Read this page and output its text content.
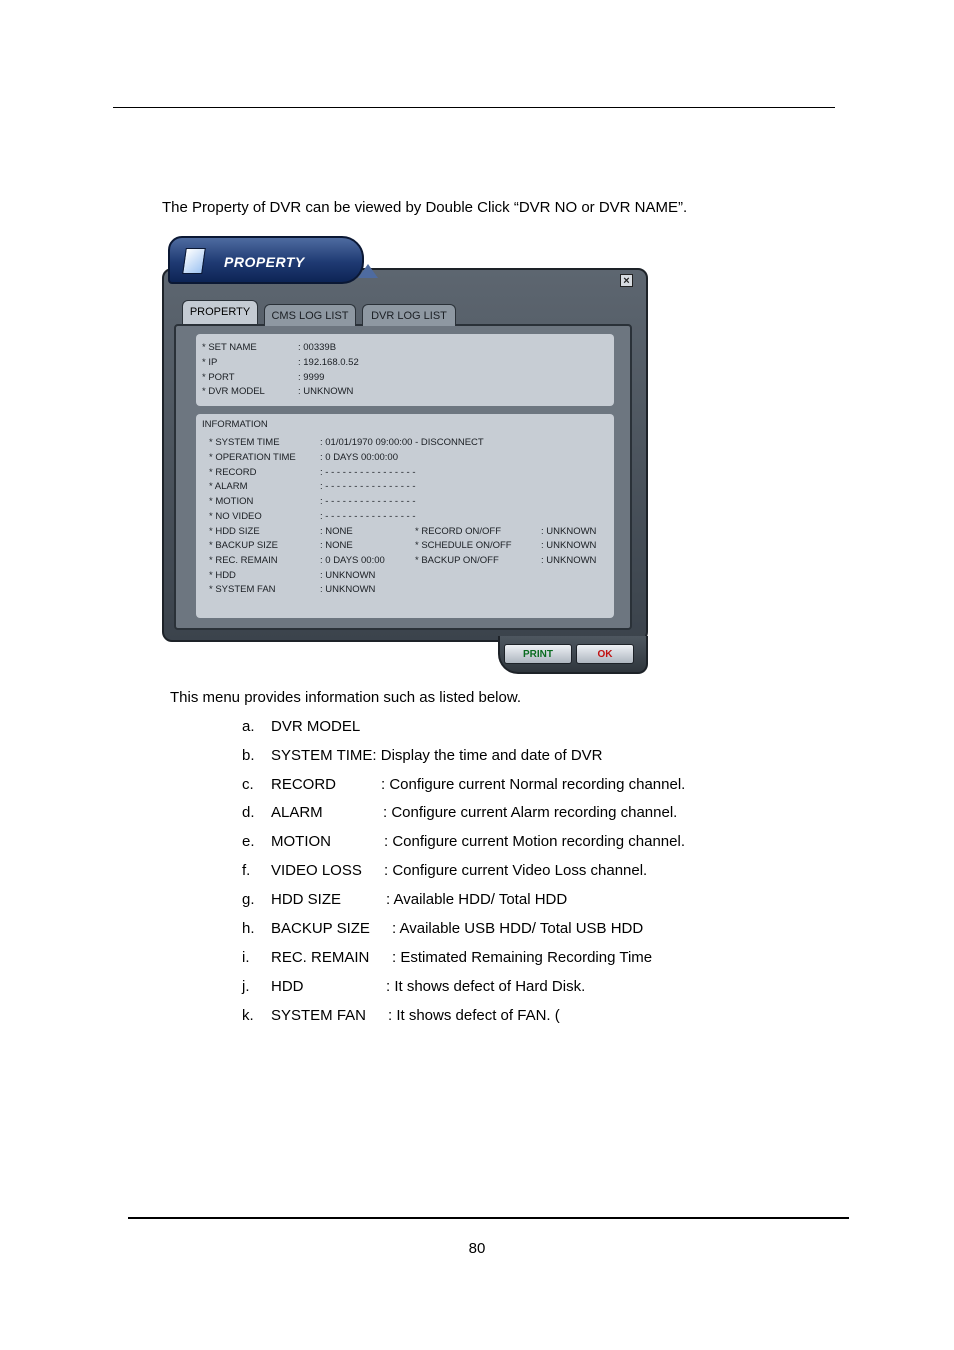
The Property of DVR can be viewed by Double Click “DVR NO or DVR NAME”.
PROPERTY
×
PROPERTY	CMS LOG LIST	DVR LOG LIST
* SET NAME	: 00339B
* IP	: 192.168.0.52
* PORT	: 9999
* DVR MODEL	: UNKNOWN
INFORMATION
* SYSTEM TIME	: 01/01/1970 09:00:00 - DISCONNECT
* OPERATION TIME	: 0 DAYS 00:00:00
* RECORD	: - - - - - - - - - - - - - - - -
* ALARM	: - - - - - - - - - - - - - - - -
* MOTION	: - - - - - - - - - - - - - - - -
* NO VIDEO	: - - - - - - - - - - - - - - - -
* HDD SIZE	: NONE	* RECORD ON/OFF	: UNKNOWN
* BACKUP SIZE	: NONE	* SCHEDULE ON/OFF	: UNKNOWN
* REC. REMAIN	: 0 DAYS 00:00	* BACKUP ON/OFF	: UNKNOWN
* HDD	: UNKNOWN
* SYSTEM FAN	: UNKNOWN
PRINT	OK
This menu provides information such as listed below.
a. DVR MODEL
b. SYSTEM TIME: Display the time and date of DVR
c. RECORD	: Configure current Normal recording channel.
d. ALARM	: Configure current Alarm recording channel.
e. MOTION	: Configure current Motion recording channel.
f. VIDEO LOSS : Configure current Video Loss channel.
g. HDD SIZE	: Available HDD/ Total HDD
h. BACKUP SIZE : Available USB HDD/ Total USB HDD
i. REC. REMAIN : Estimated Remaining Recording Time
j. HDD	: It shows defect of Hard Disk.
k. SYSTEM FAN : It shows defect of FAN. (
80
